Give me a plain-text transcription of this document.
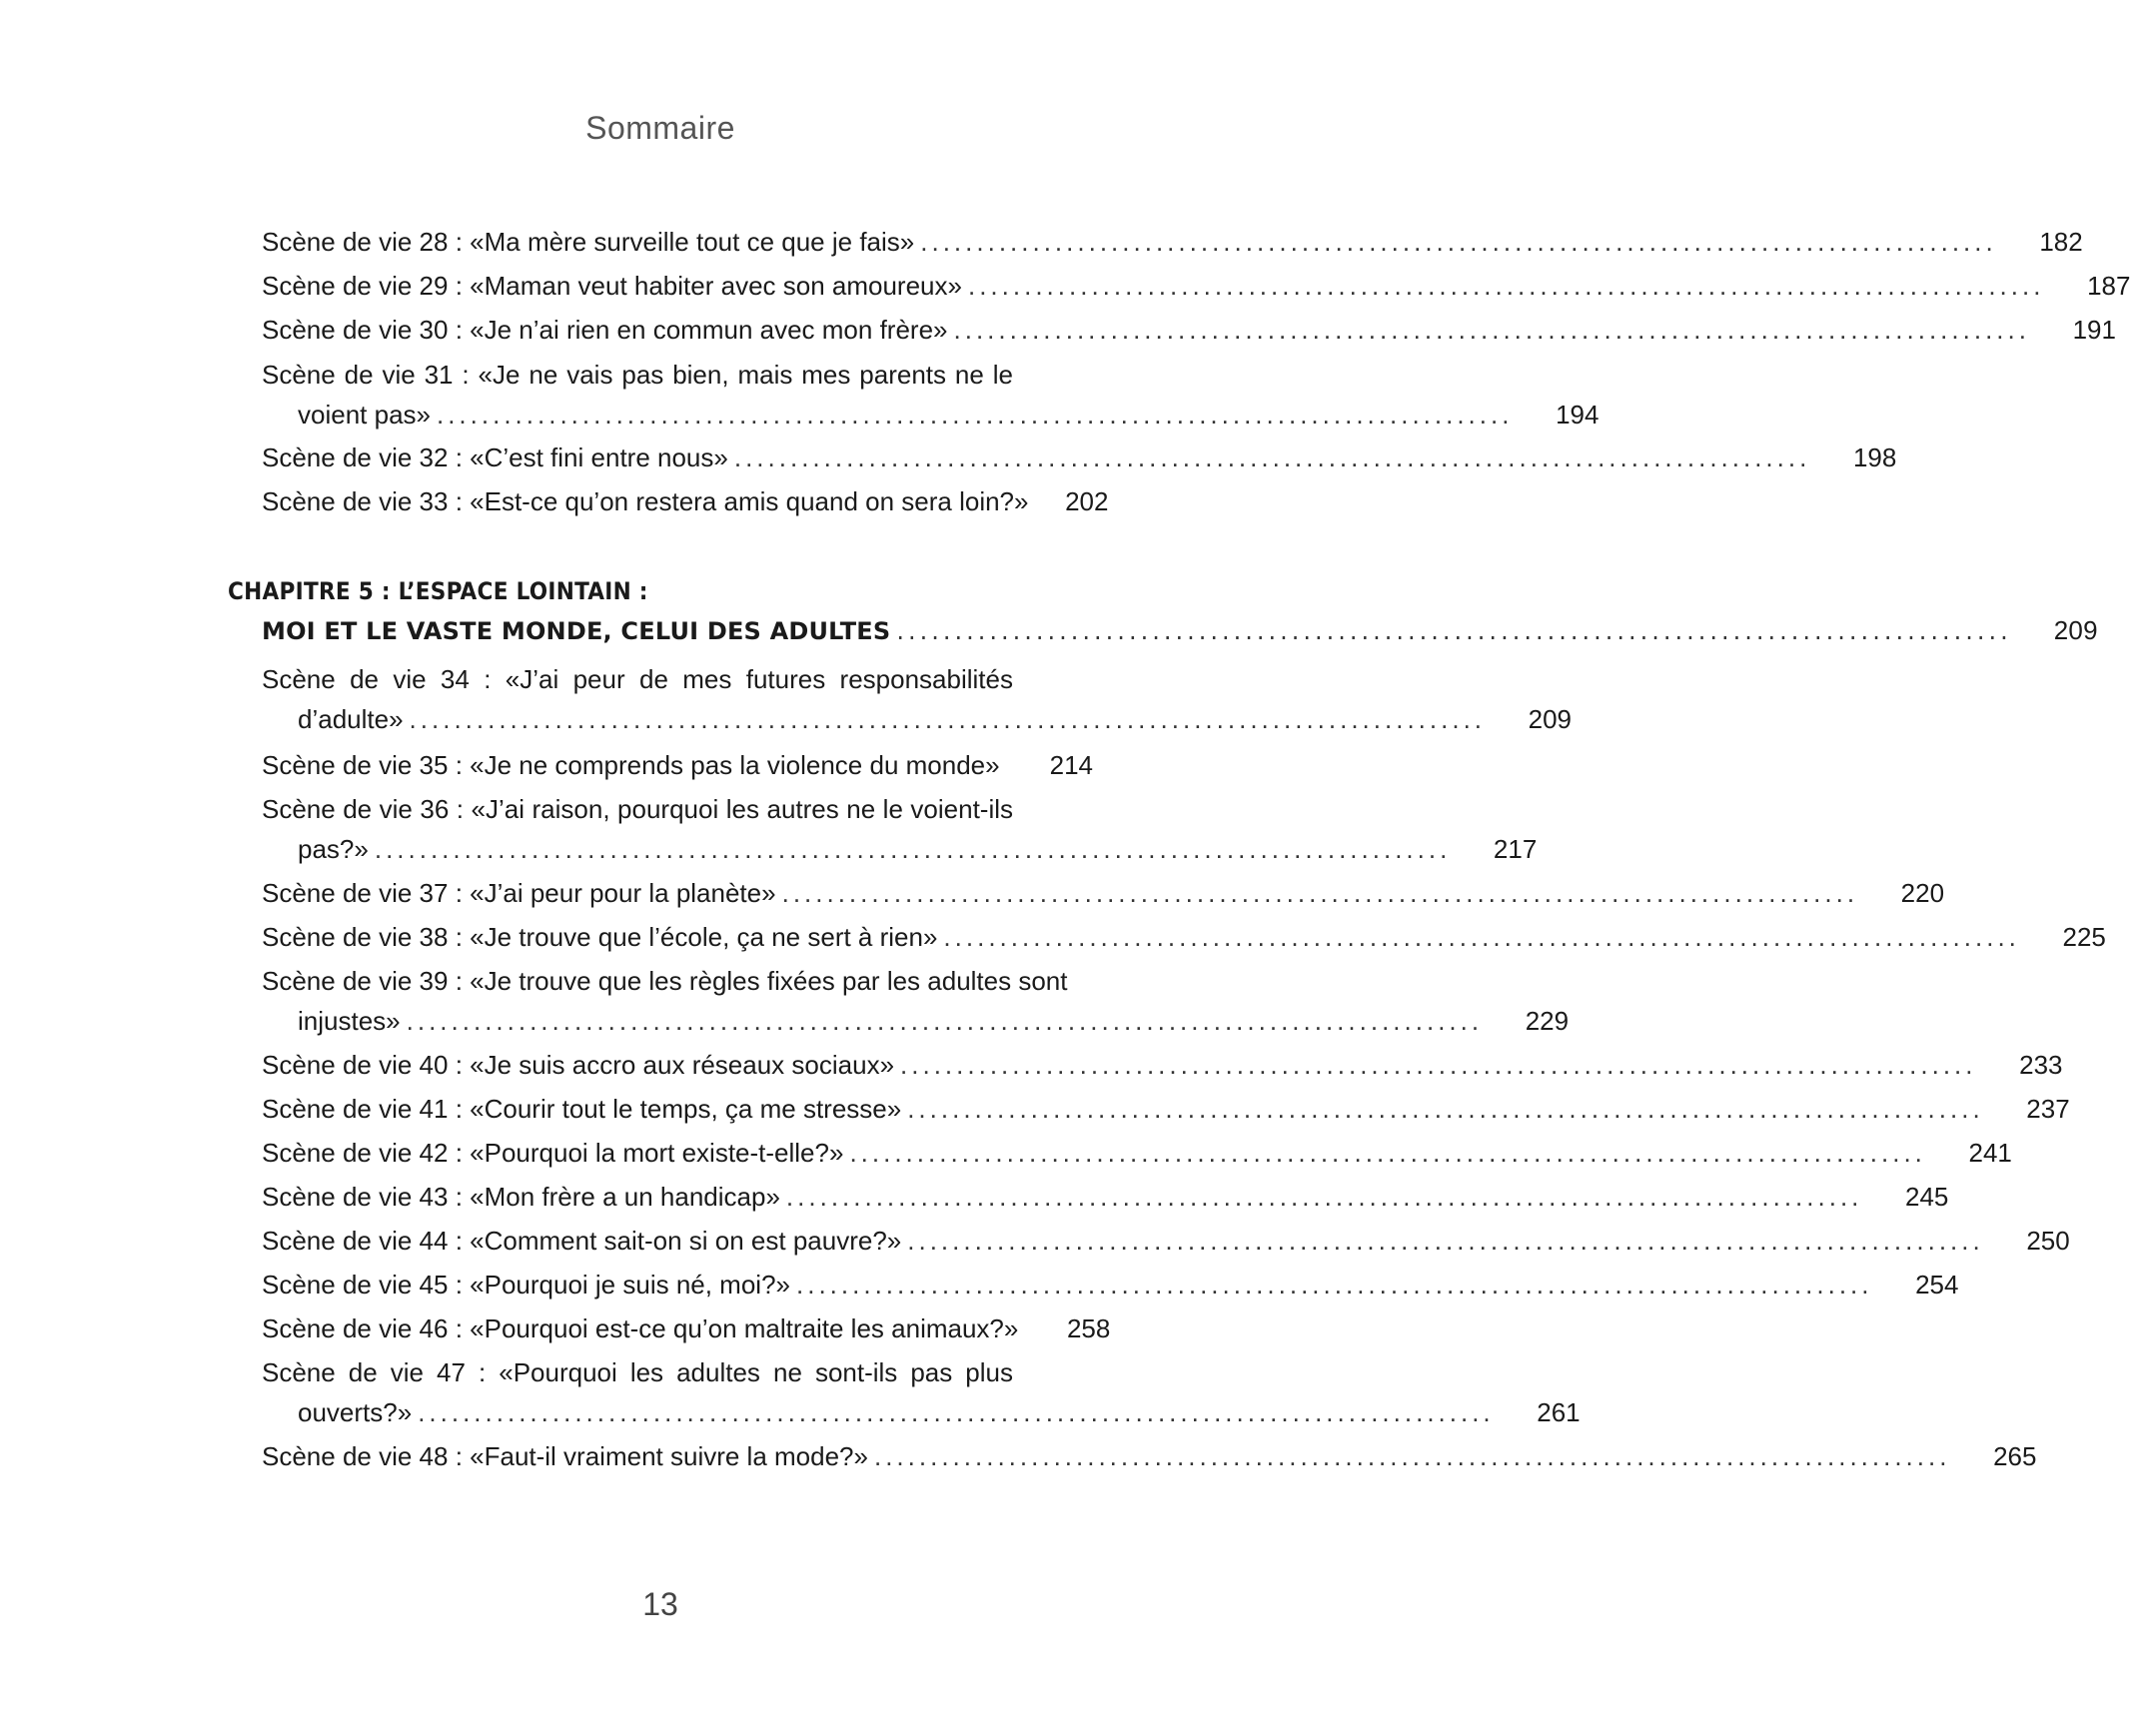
Sommaire
Scène de vie 28 : «Ma mère surveille tout ce que je fais» ................................................................................................	182
Scène de vie 29 : «Maman veut habiter avec son amoureux» ................................................................................................	187
Scène de vie 30 : «Je n’ai rien en commun avec mon frère» ................................................................................................	191
Scène de vie 31 : «Je ne vais pas bien, mais mes parents ne le
voient pas» ................................................................................................	194
Scène de vie 32 : «C’est fini entre nous» ................................................................................................	198
Scène de vie 33 : «Est-ce qu’on restera amis quand on sera loin?»	202
CHAPITRE 5 : L’ESPACE LOINTAIN :
MOI ET LE VASTE MONDE, CELUI DES ADULTES ................................................................................................	209
Scène de vie 34 : «J’ai peur de mes futures responsabilités
d’adulte» ................................................................................................	209
Scène de vie 35 : «Je ne comprends pas la violence du monde»	214
Scène de vie 36 : «J’ai raison, pourquoi les autres ne le voient-ils
pas?» ................................................................................................	217
Scène de vie 37 : «J’ai peur pour la planète» ................................................................................................	220
Scène de vie 38 : «Je trouve que l’école, ça ne sert à rien» ................................................................................................	225
Scène de vie 39 : «Je trouve que les règles fixées par les adultes sont
injustes» ................................................................................................	229
Scène de vie 40 : «Je suis accro aux réseaux sociaux» ................................................................................................	233
Scène de vie 41 : «Courir tout le temps, ça me stresse» ................................................................................................	237
Scène de vie 42 : «Pourquoi la mort existe-t-elle?» ................................................................................................	241
Scène de vie 43 : «Mon frère a un handicap» ................................................................................................	245
Scène de vie 44 : «Comment sait-on si on est pauvre?» ................................................................................................	250
Scène de vie 45 : «Pourquoi je suis né, moi?» ................................................................................................	254
Scène de vie 46 : «Pourquoi est-ce qu’on maltraite les animaux?»	258
Scène de vie 47 : «Pourquoi les adultes ne sont-ils pas plus
ouverts?» ................................................................................................	261
Scène de vie 48 : «Faut-il vraiment suivre la mode?» ................................................................................................	265
13
